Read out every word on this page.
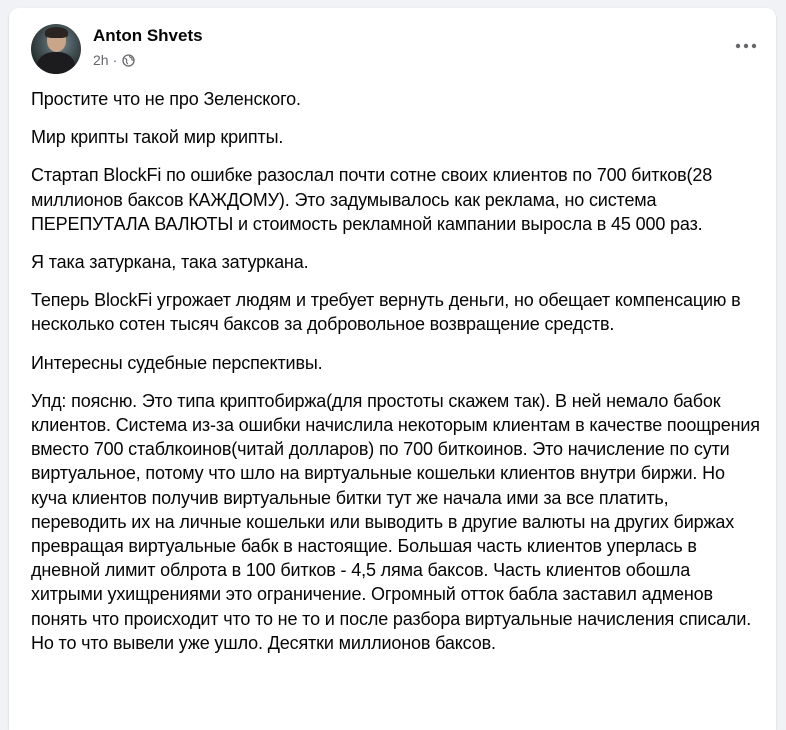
Anton Shvets
2h ·

Простите что не про Зеленского.

Мир крипты такой мир крипты.

Стартап BlockFi по ошибке разослал почти сотне своих клиентов по 700 битков(28 миллионов баксов КАЖДОМУ). Это задумывалось как реклама, но система ПЕРЕПУТАЛА ВАЛЮТЫ и стоимость рекламной кампании выросла в 45 000 раз.

Я така затуркана, така затуркана.

Теперь BlockFi угрожает людям и требует вернуть деньги, но обещает компенсацию в несколько сотен тысяч баксов за добровольное возвращение средств.

Интересны судебные перспективы.

Упд: поясню. Это типа криптобиржа(для простоты скажем так). В ней немало бабок клиентов. Система из-за ошибки начислила некоторым клиентам в качестве поощрения вместо 700 стаблкоинов(читай долларов) по 700 биткоинов. Это начисление по сути виртуальное, потому что шло на виртуальные кошельки клиентов внутри биржи. Но куча клиентов получив виртуальные битки тут же начала ими за все платить, переводить их на личные кошельки или выводить в другие валюты на других биржах превращая виртуальные бабк в настоящие. Большая часть клиентов уперлась в дневной лимит облрота в 100 битков - 4,5 ляма баксов. Часть клиентов обошла хитрыми ухищрениями это ограничение. Огромный отток бабла заставил адменов понять что происходит что то не то и после разбора виртуальные начисления списали. Но то что вывели уже ушло. Десятки миллионов баксов.
